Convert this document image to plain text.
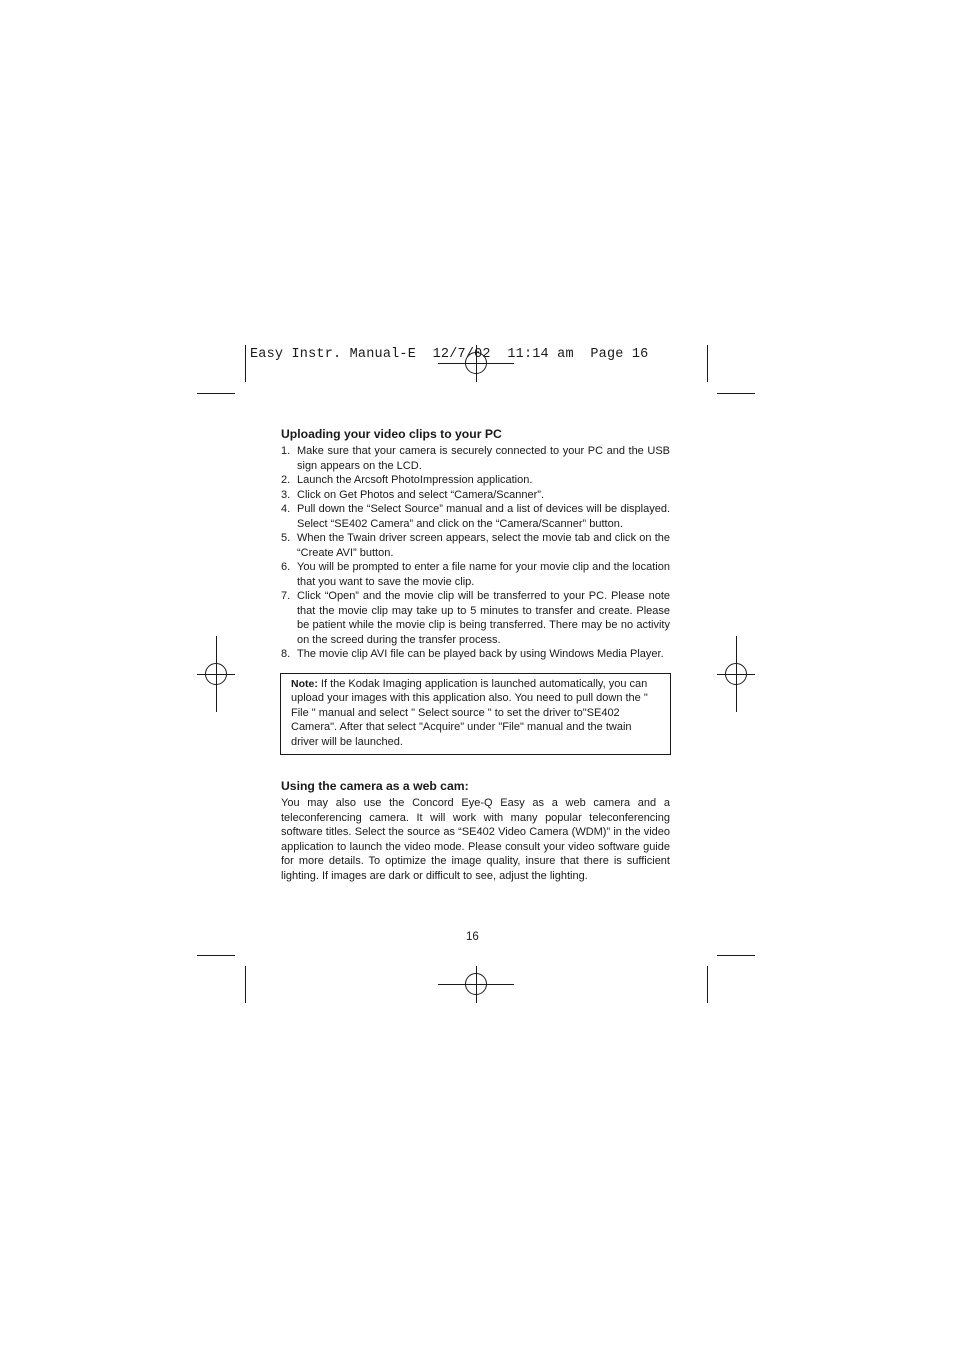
Easy Instr. Manual-E  12/7/02  11:14 am  Page 16
Uploading your video clips to your PC
1. Make sure that your camera is securely connected to your PC and the USB sign appears on the LCD.
2. Launch the Arcsoft PhotoImpression application.
3. Click on Get Photos and select “Camera/Scanner”.
4. Pull down the “Select Source” manual and a list of devices will be displayed. Select “SE402 Camera” and click on the “Camera/Scanner” button.
5. When the Twain driver screen appears, select the movie tab and click on the “Create AVI” button.
6. You will be prompted to enter a file name for your movie clip and the location that you want to save the movie clip.
7. Click “Open” and the movie clip will be transferred to your PC. Please note that the movie clip may take up to 5 minutes to transfer and create. Please be patient while the movie clip is being transferred. There may be no activity on the screed during the transfer process.
8. The movie clip AVI file can be played back by using Windows Media Player.
Note: If the Kodak Imaging application is launched automatically, you can upload your images with this application also. You need to pull down the " File " manual and select " Select source " to set the driver to"SE402 Camera". After that select "Acquire" under "File" manual and the twain driver will be launched.
Using the camera as a web cam:

You may also use the Concord Eye-Q Easy as a web camera and a teleconferencing camera. It will work with many popular teleconferencing software titles. Select the source as “SE402 Video Camera (WDM)” in the video application to launch the video mode. Please consult your video software guide for more details. To optimize the image quality, insure that there is sufficient lighting. If images are dark or difficult to see, adjust the lighting.

16
